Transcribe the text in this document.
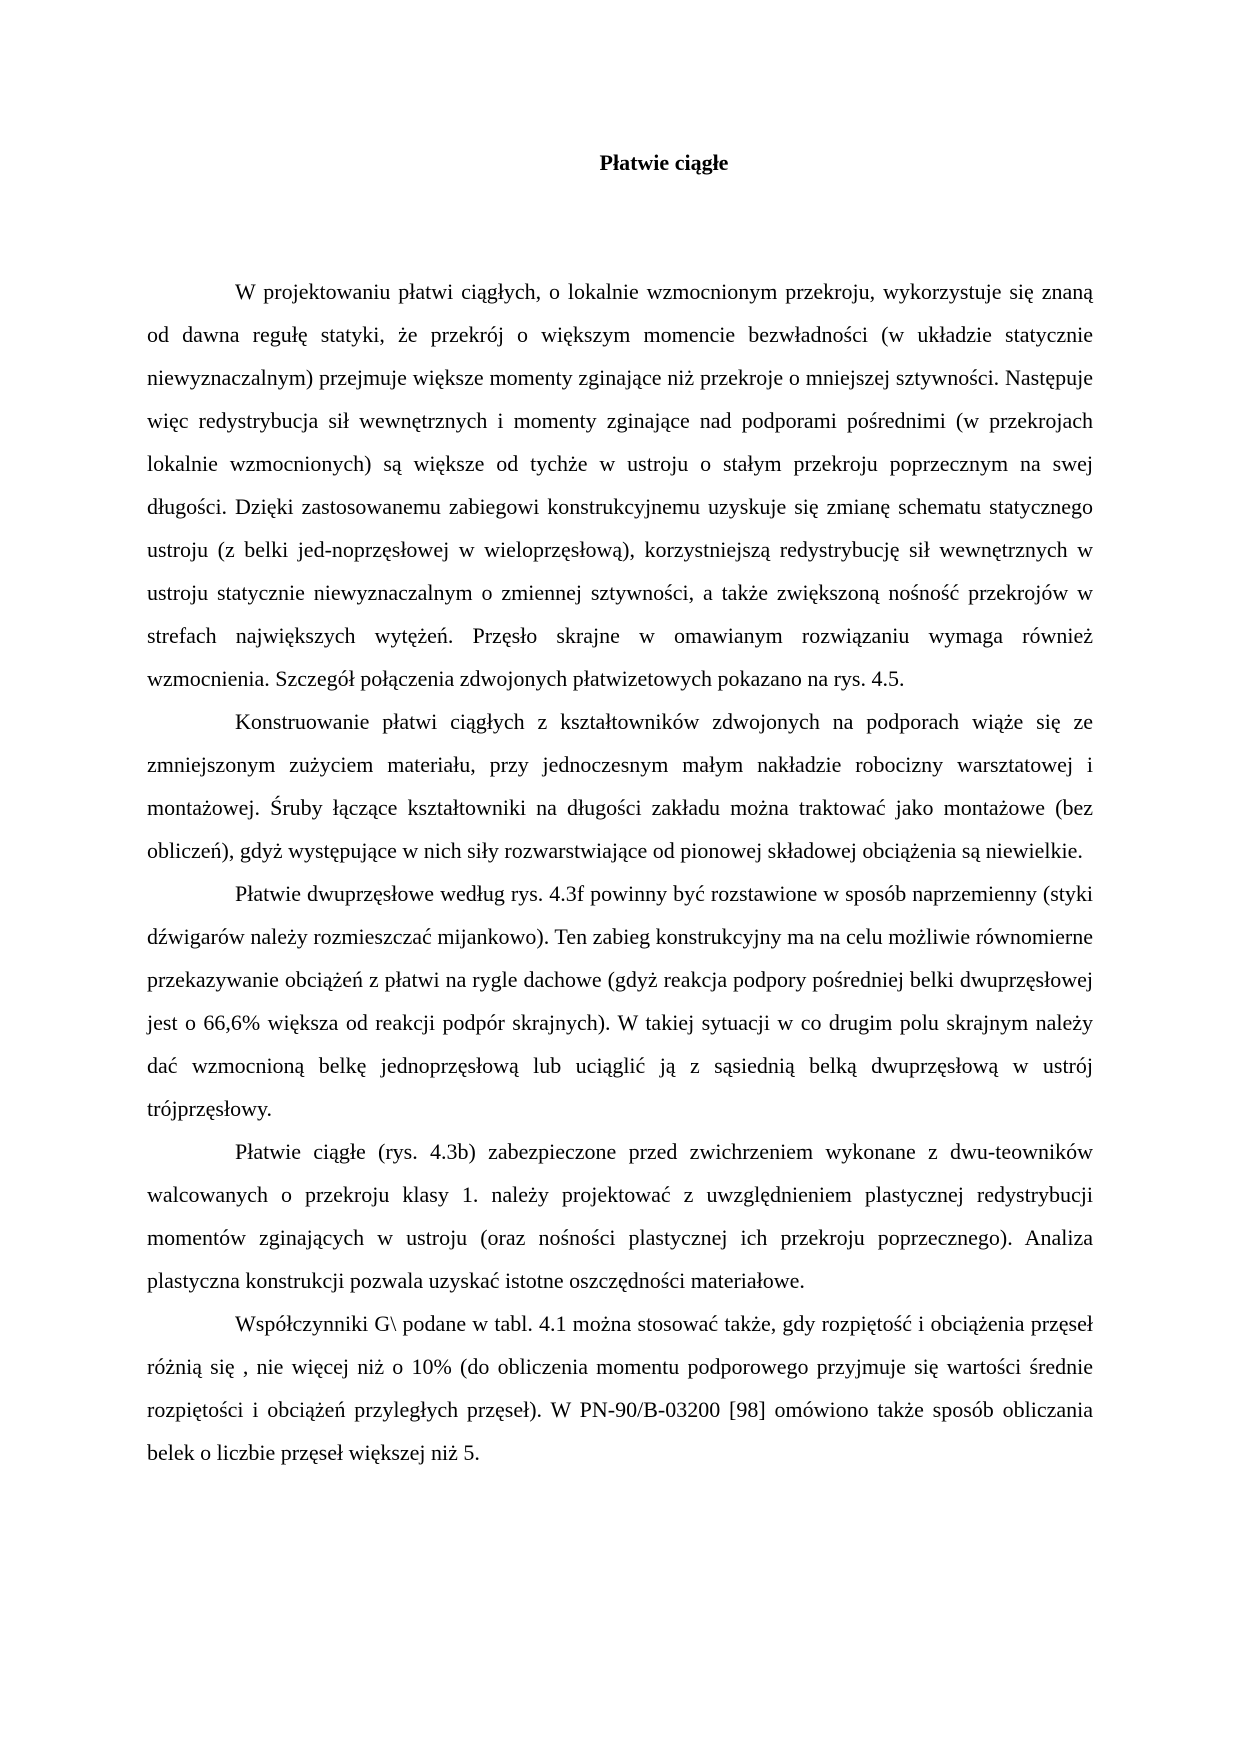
Płatwie ciągłe

W projektowaniu płatwi ciągłych, o lokalnie wzmocnionym przekroju, wykorzystuje się znaną od dawna regułę statyki, że przekrój o większym momencie bezwładności (w układzie statycznie niewyznaczalnym) przejmuje większe momenty zginające niż przekroje o mniejszej sztywności. Następuje więc redystrybucja sił wewnętrznych i momenty zginające nad podporami pośrednimi (w przekrojach lokalnie wzmocnionych) są większe od tychże w ustroju o stałym przekroju poprzecznym na swej długości. Dzięki zastosowanemu zabiegowi konstrukcyjnemu uzyskuje się zmianę schematu statycznego ustroju (z belki jed-noprzęsłowej w wieloprzęsłową), korzystniejszą redystrybucję sił wewnętrznych w ustroju statycznie niewyznaczalnym o zmiennej sztywności, a także zwiększoną nośność przekrojów w strefach największych wytężeń. Przęsło skrajne w omawianym rozwiązaniu wymaga również wzmocnienia. Szczegół połączenia zdwojonych płatwizetowych pokazano na rys. 4.5.

Konstruowanie płatwi ciągłych z kształtowników zdwojonych na podporach wiąże się ze zmniejszonym zużyciem materiału, przy jednoczesnym małym nakładzie robocizny warsztatowej i montażowej. Śruby łączące kształtowniki na długości zakładu można traktować jako montażowe (bez obliczeń), gdyż występujące w nich siły rozwarstwiające od pionowej składowej obciążenia są niewielkie.

Płatwie dwuprzęsłowe według rys. 4.3f powinny być rozstawione w sposób naprzemienny (styki dźwigarów należy rozmieszczać mijankowo). Ten zabieg konstrukcyjny ma na celu możliwie równomierne przekazywanie obciążeń z płatwi na rygle dachowe (gdyż reakcja podpory pośredniej belki dwuprzęsłowej jest o 66,6% większa od reakcji podpór skrajnych). W takiej sytuacji w co drugim polu skrajnym należy dać wzmocnioną belkę jednoprzęsłową lub uciąglić ją z sąsiednią belką dwuprzęsłową w ustrój trójprzęsłowy.

Płatwie ciągłe (rys. 4.3b) zabezpieczone przed zwichrzeniem wykonane z dwu-teowników walcowanych o przekroju klasy 1. należy projektować z uwzględnieniem plastycznej redystrybucji momentów zginających w ustroju (oraz nośności plastycznej ich przekroju poprzecznego). Analiza plastyczna konstrukcji pozwala uzyskać istotne oszczędności materiałowe.

Współczynniki G\ podane w tabl. 4.1 można stosować także, gdy rozpiętość i obciążenia przęseł różnią się , nie więcej niż o 10% (do obliczenia momentu podporowego przyjmuje się wartości średnie rozpiętości i obciążeń przyległych przęseł). W PN-90/B-03200 [98] omówiono także sposób obliczania belek o liczbie przęseł większej niż 5.
